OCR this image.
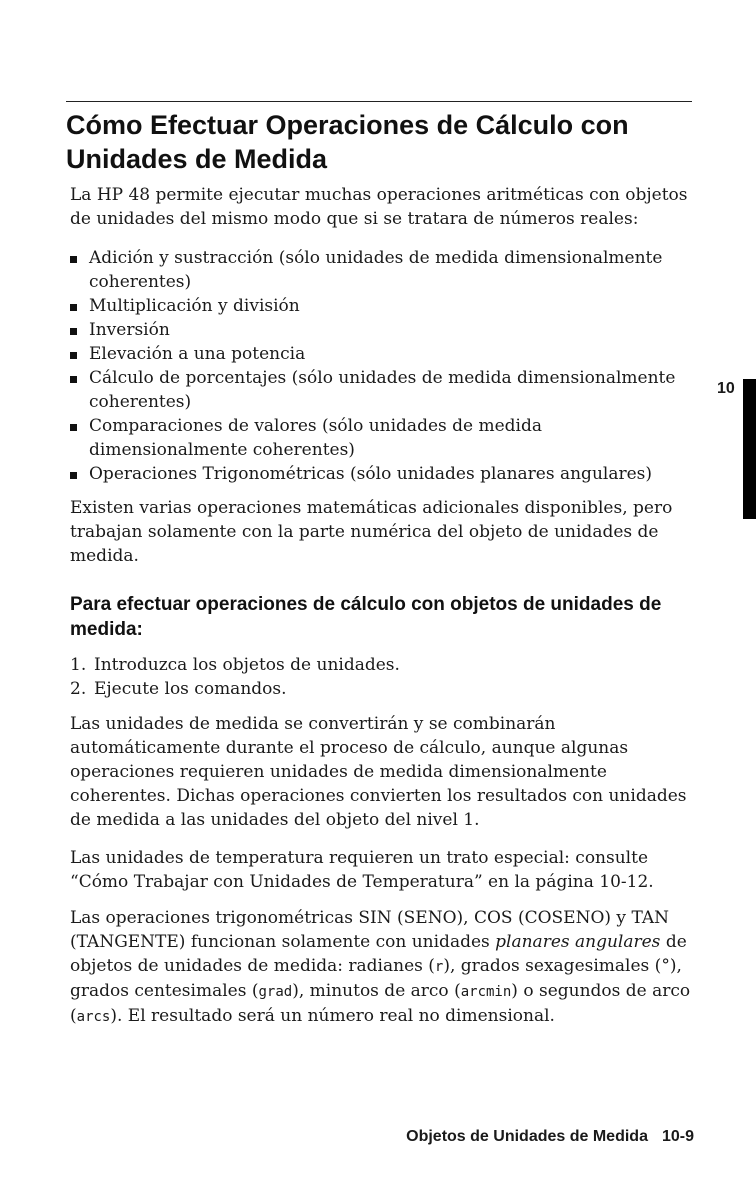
Cómo Efectuar Operaciones de Cálculo con Unidades de Medida

La HP 48 permite ejecutar muchas operaciones aritméticas con objetos de unidades del mismo modo que si se tratara de números reales:

Adición y sustracción (sólo unidades de medida dimensionalmente coherentes)
Multiplicación y división
Inversión
Elevación a una potencia
Cálculo de porcentajes (sólo unidades de medida dimensionalmente coherentes)
Comparaciones de valores (sólo unidades de medida dimensionalmente coherentes)
Operaciones Trigonométricas (sólo unidades planares angulares)

Existen varias operaciones matemáticas adicionales disponibles, pero trabajan solamente con la parte numérica del objeto de unidades de medida.

Para efectuar operaciones de cálculo con objetos de unidades de medida:
1. Introduzca los objetos de unidades.
2. Ejecute los comandos.

Las unidades de medida se convertirán y se combinarán automáticamente durante el proceso de cálculo, aunque algunas operaciones requieren unidades de medida dimensionalmente coherentes. Dichas operaciones convierten los resultados con unidades de medida a las unidades del objeto del nivel 1.

Las unidades de temperatura requieren un trato especial: consulte “Cómo Trabajar con Unidades de Temperatura” en la página 10-12.

Las operaciones trigonométricas SIN (SENO), COS (COSENO) y TAN (TANGENTE) funcionan solamente con unidades planares angulares de objetos de unidades de medida: radianes (r), grados sexagesimales (°), grados centesimales (grad), minutos de arco (arcmin) o segundos de arco (arcs). El resultado será un número real no dimensional.

10
Objetos de Unidades de Medida 10-9
